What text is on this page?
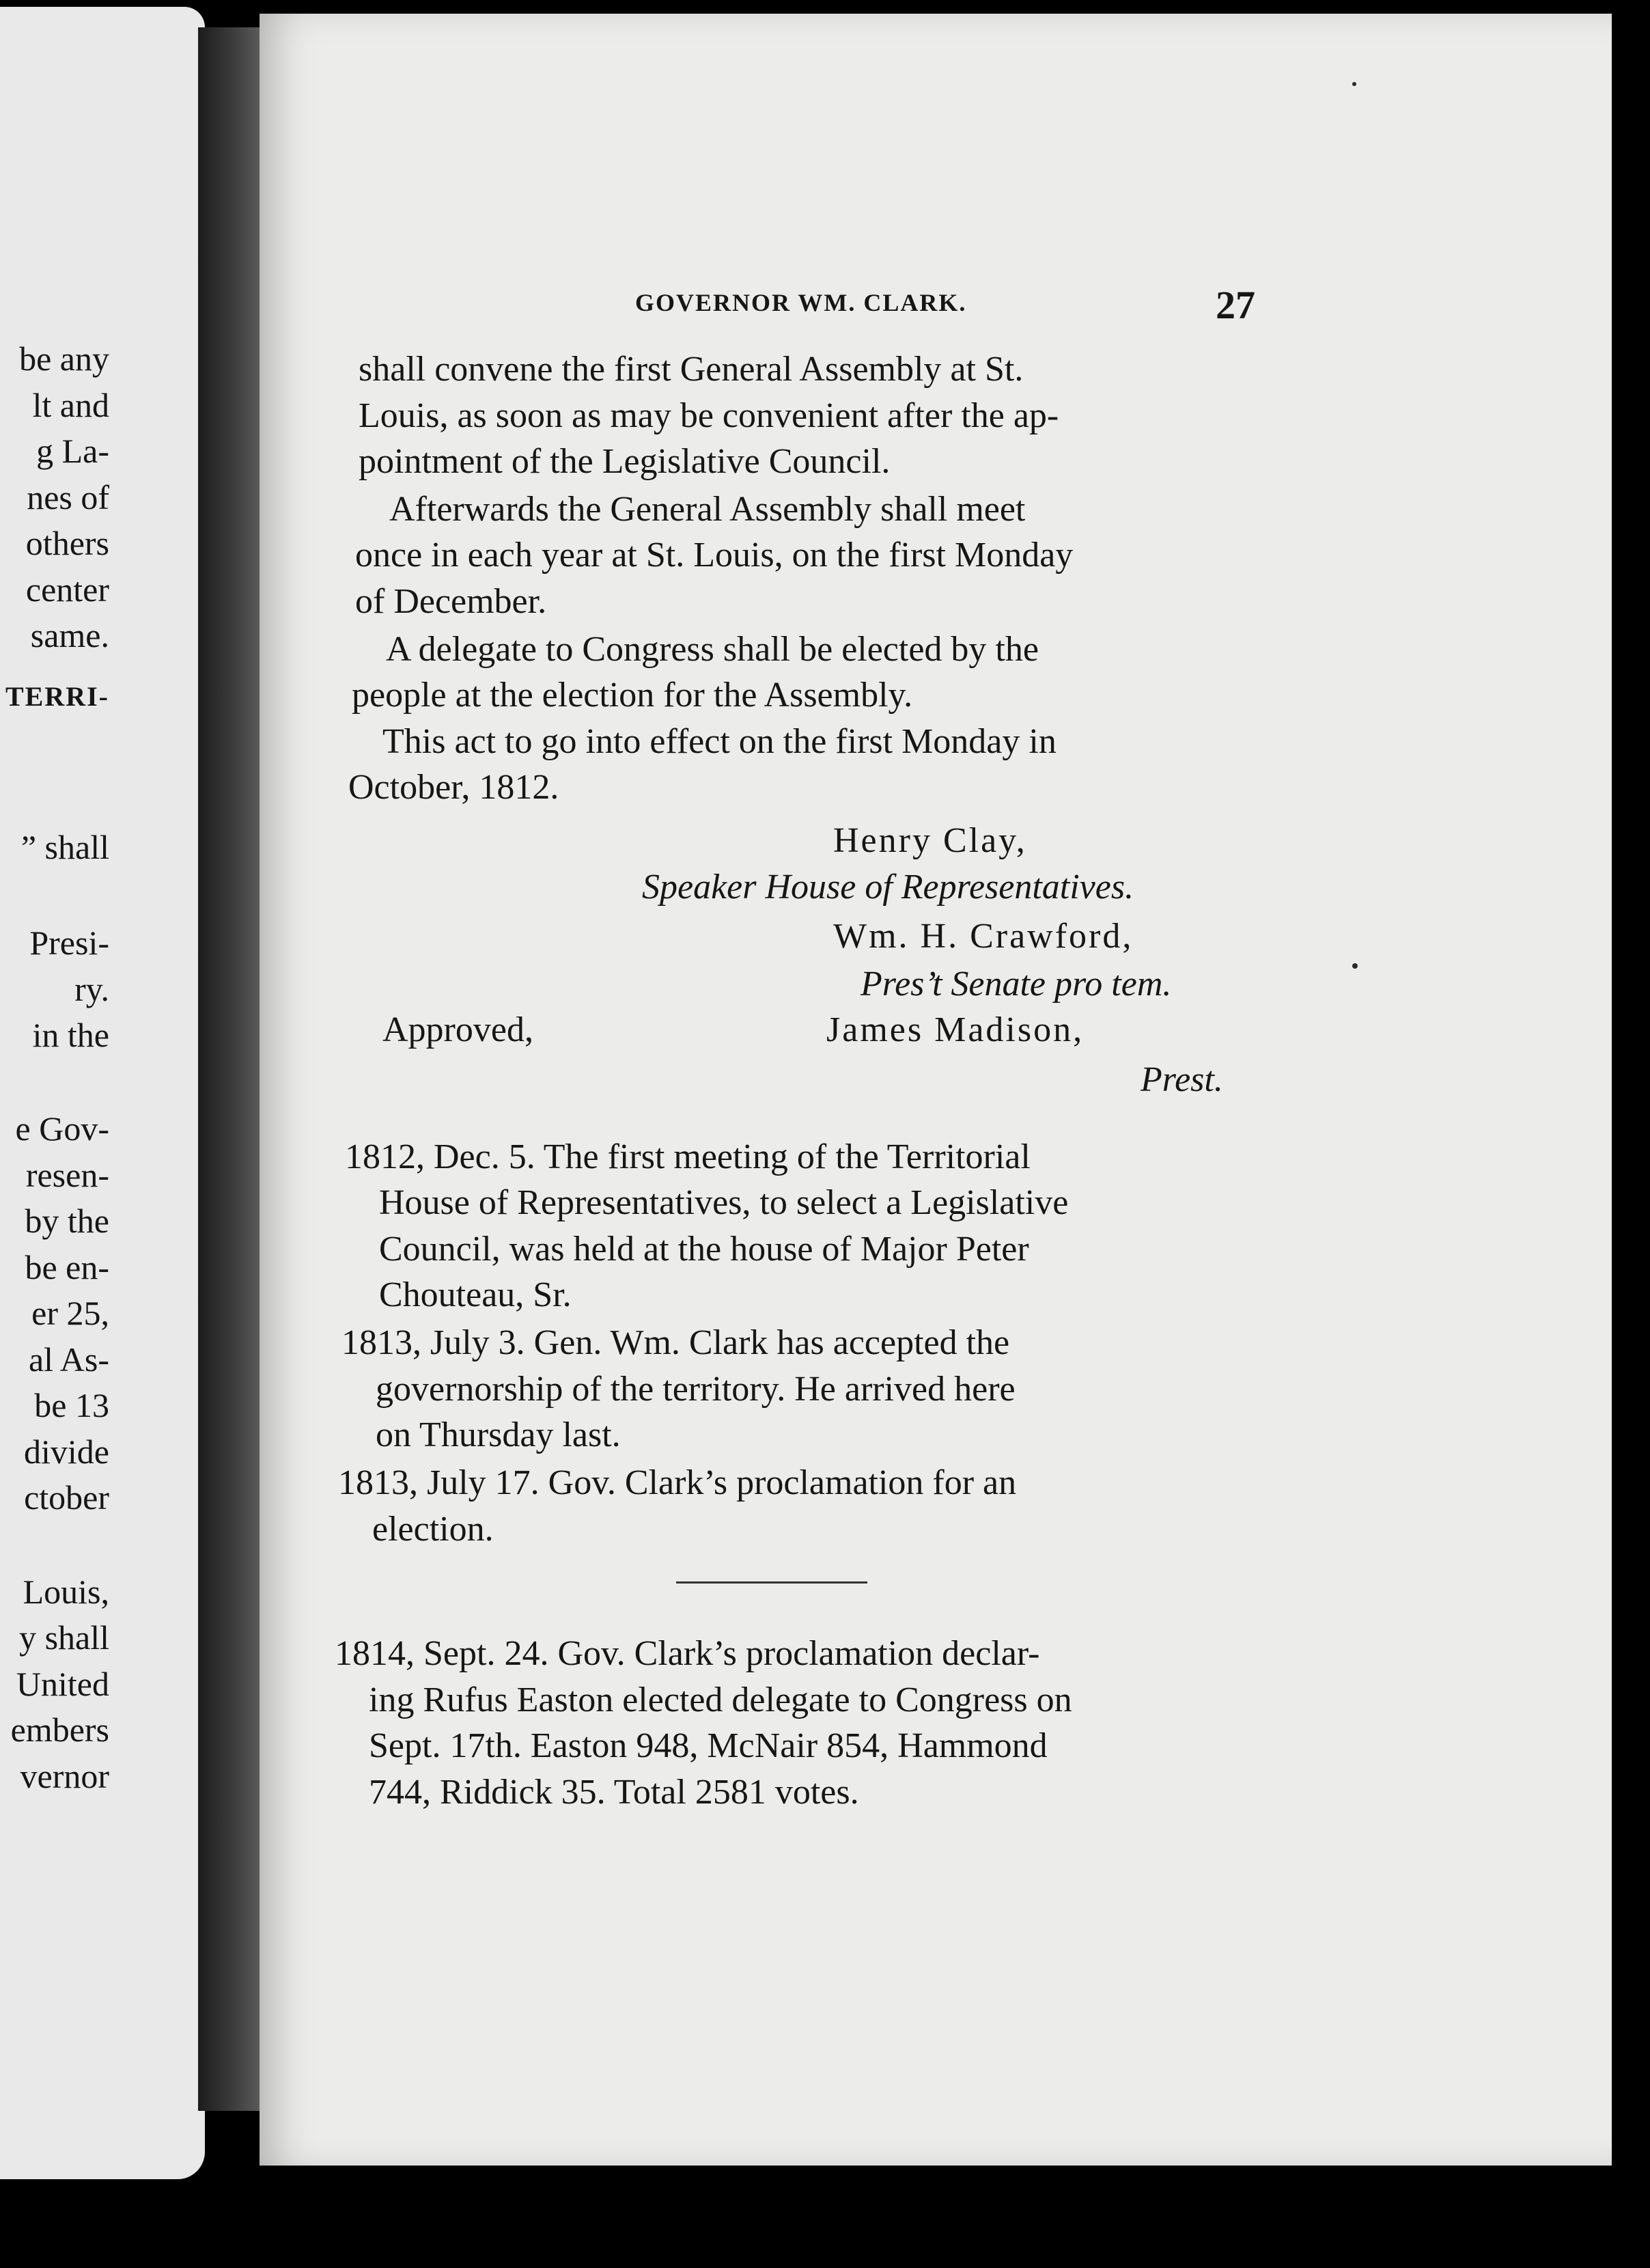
be any
lt and
g La-
nes of
others
center
same.
TERRI-
” shall
Presi-
ry.
in the
e Gov-
resen-
by the
be en-
er 25,
al As-
be 13
divide
ctober
Louis,
y shall
United
embers
vernor
GOVERNOR WM. CLARK.	27
shall convene the first General Assembly at St.
Louis, as soon as may be convenient after the ap-
pointment of the Legislative Council.
Afterwards the General Assembly shall meet
once in each year at St. Louis, on the first Monday
of December.
A delegate to Congress shall be elected by the
people at the election for the Assembly.
This act to go into effect on the first Monday in
October, 1812.
Henry Clay,
Speaker House of Representatives.
Wm. H. Crawford,
Pres’t Senate pro tem.
Approved,	James Madison,
Prest.
1812, Dec. 5. The first meeting of the Territorial
House of Representatives, to select a Legislative
Council, was held at the house of Major Peter
Chouteau, Sr.
1813, July 3. Gen. Wm. Clark has accepted the
governorship of the territory. He arrived here
on Thursday last.
1813, July 17. Gov. Clark’s proclamation for an
election.
1814, Sept. 24. Gov. Clark’s proclamation declar-
ing Rufus Easton elected delegate to Congress on
Sept. 17th. Easton 948, McNair 854, Hammond
744, Riddick 35. Total 2581 votes.
